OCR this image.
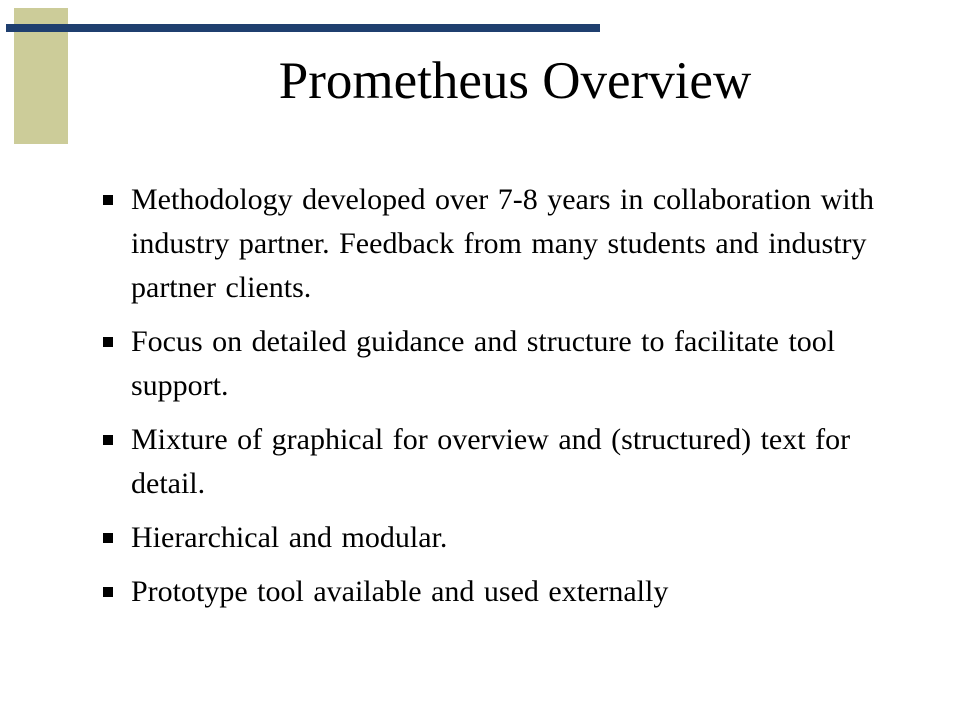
Prometheus Overview
Methodology developed over 7-8 years in collaboration with industry partner. Feedback from many students and industry partner clients.
Focus on detailed guidance and structure to facilitate tool support.
Mixture of graphical for overview and (structured) text for detail.
Hierarchical and modular.
Prototype tool available and used externally
